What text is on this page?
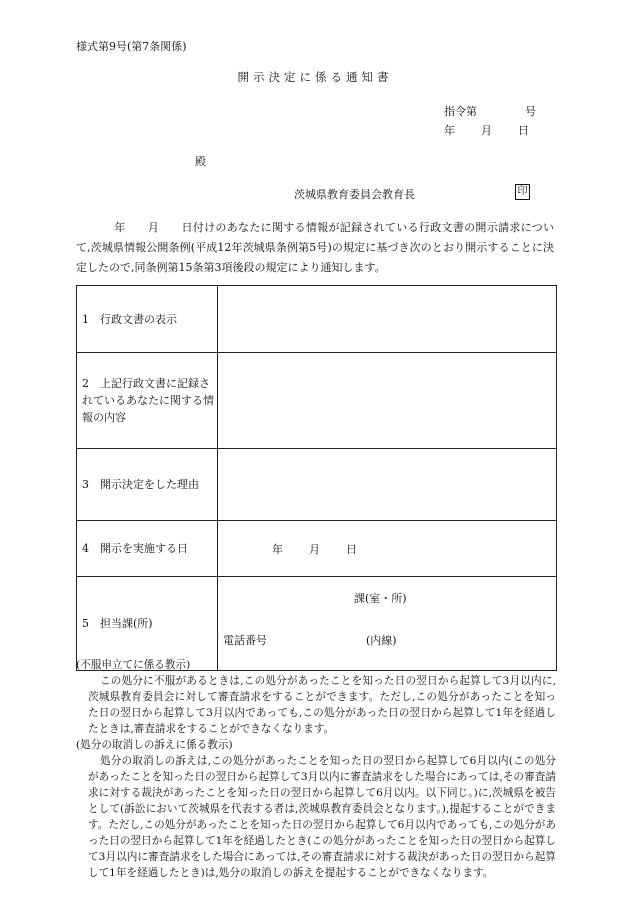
様式第9号(第7条関係)
開示決定に係る通知書
指令第	号
年 月 日
殿
茨城県教育委員会教育長	印
年 月 日付けのあなたに関する情報が記録されている行政文書の開示請求について,茨城県情報公開条例(平成12年茨城県条例第5号)の規定に基づき次のとおり開示することに決定したので,同条例第15条第3項後段の規定により通知します。
1 行政文書の表示	
2 上記行政文書に記録されているあなたに関する情報の内容	
3 開示決定をした理由	
4 開示を実施する日	年 月 日

5 担当課(所)	課(室・所)
電話番号 (内線)
(不服申立てに係る教示)
この処分に不服があるときは,この処分があったことを知った日の翌日から起算して3月以内に,茨城県教育委員会に対して審査請求をすることができます。ただし,この処分があったことを知った日の翌日から起算して3月以内であっても,この処分があった日の翌日から起算して1年を経過したときは,審査請求をすることができなくなります。
(処分の取消しの訴えに係る教示)
処分の取消しの訴えは,この処分があったことを知った日の翌日から起算して6月以内(この処分があったことを知った日の翌日から起算して3月以内に審査請求をした場合にあっては,その審査請求に対する裁決があったことを知った日の翌日から起算して6月以内。以下同じ。)に,茨城県を被告として(訴訟において茨城県を代表する者は,茨城県教育委員会となります。),提起することができます。ただし,この処分があったことを知った日の翌日から起算して6月以内であっても,この処分があった日の翌日から起算して1年を経過したとき(この処分があったことを知った日の翌日から起算して3月以内に審査請求をした場合にあっては,その審査請求に対する裁決があった日の翌日から起算して1年を経過したとき)は,処分の取消しの訴えを提起することができなくなります。
